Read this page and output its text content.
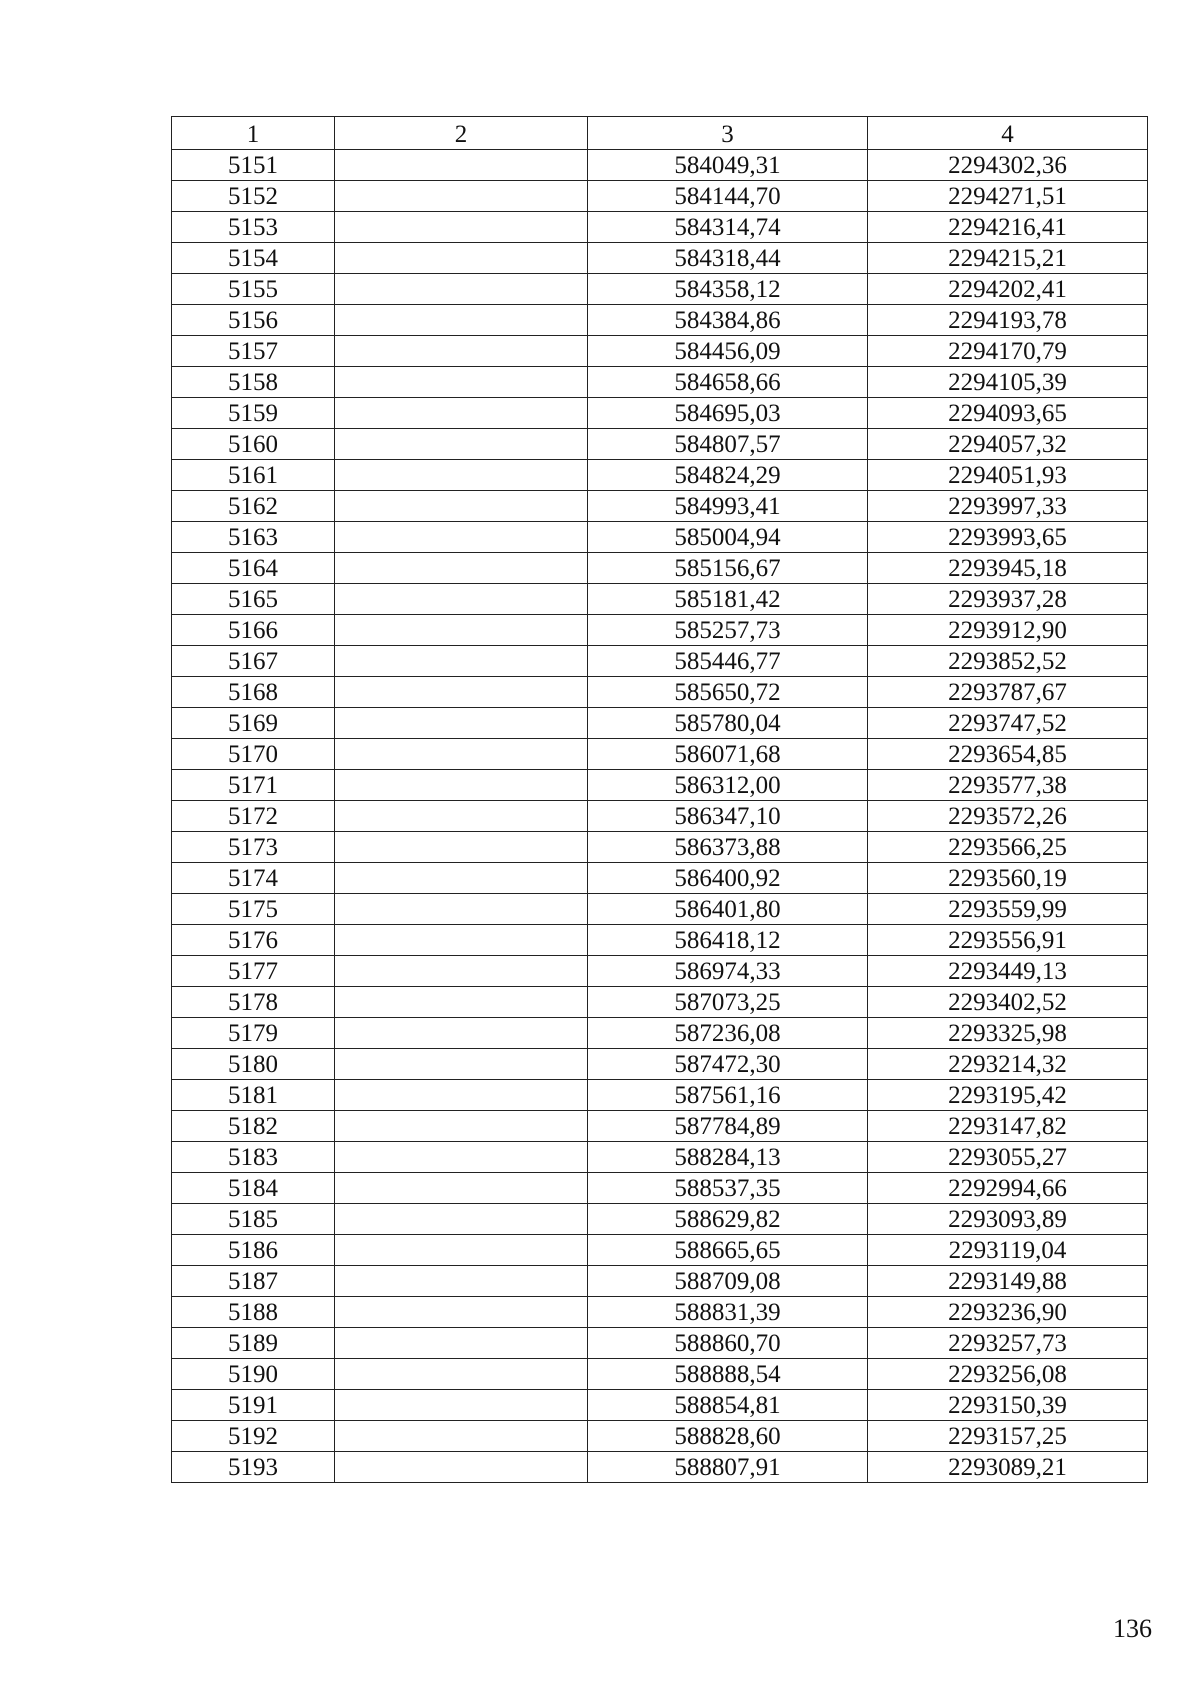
1	2	3	4
5151		584049,31	2294302,36
5152		584144,70	2294271,51
5153		584314,74	2294216,41
5154		584318,44	2294215,21
5155		584358,12	2294202,41
5156		584384,86	2294193,78
5157		584456,09	2294170,79
5158		584658,66	2294105,39
5159		584695,03	2294093,65
5160		584807,57	2294057,32
5161		584824,29	2294051,93
5162		584993,41	2293997,33
5163		585004,94	2293993,65
5164		585156,67	2293945,18
5165		585181,42	2293937,28
5166		585257,73	2293912,90
5167		585446,77	2293852,52
5168		585650,72	2293787,67
5169		585780,04	2293747,52
5170		586071,68	2293654,85
5171		586312,00	2293577,38
5172		586347,10	2293572,26
5173		586373,88	2293566,25
5174		586400,92	2293560,19
5175		586401,80	2293559,99
5176		586418,12	2293556,91
5177		586974,33	2293449,13
5178		587073,25	2293402,52
5179		587236,08	2293325,98
5180		587472,30	2293214,32
5181		587561,16	2293195,42
5182		587784,89	2293147,82
5183		588284,13	2293055,27
5184		588537,35	2292994,66
5185		588629,82	2293093,89
5186		588665,65	2293119,04
5187		588709,08	2293149,88
5188		588831,39	2293236,90
5189		588860,70	2293257,73
5190		588888,54	2293256,08
5191		588854,81	2293150,39
5192		588828,60	2293157,25
5193		588807,91	2293089,21
136
